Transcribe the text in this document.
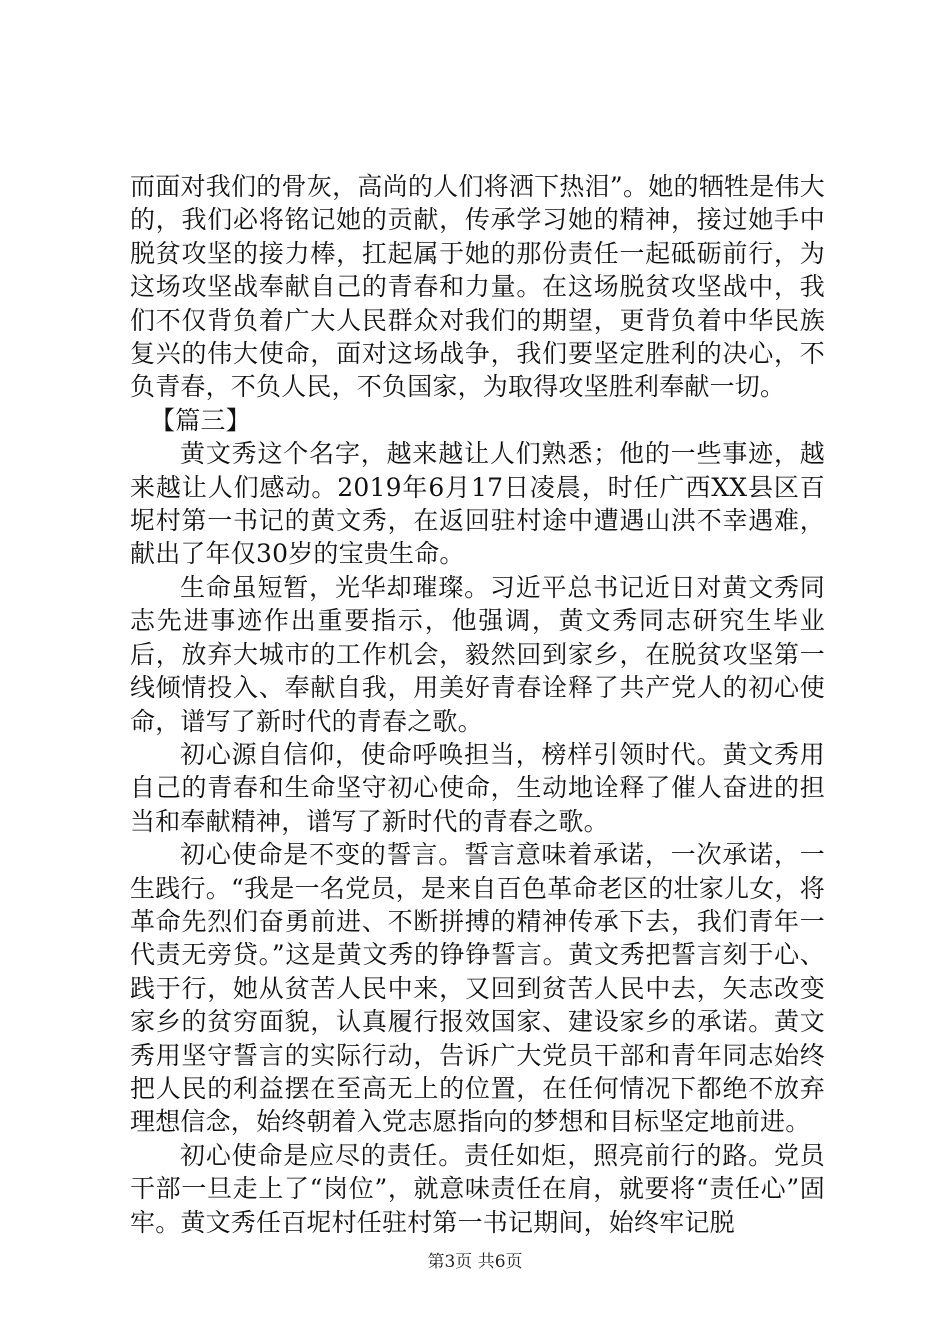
而面对我们的骨灰，高尚的人们将洒下热泪”。她的牺牲是伟大的，我们必将铭记她的贡献，传承学习她的精神，接过她手中脱贫攻坚的接力棒，扛起属于她的那份责任一起砥砺前行，为这场攻坚战奉献自己的青春和力量。在这场脱贫攻坚战中，我们不仅背负着广大人民群众对我们的期望，更背负着中华民族复兴的伟大使命，面对这场战争，我们要坚定胜利的决心，不负青春，不负人民，不负国家，为取得攻坚胜利奉献一切。

【篇三】

黄文秀这个名字，越来越让人们熟悉；他的一些事迹，越来越让人们感动。2019年6月17日凌晨，时任广西XX县区百坭村第一书记的黄文秀，在返回驻村途中遭遇山洪不幸遇难，献出了年仅30岁的宝贵生命。

生命虽短暂，光华却璀璨。习近平总书记近日对黄文秀同志先进事迹作出重要指示，他强调，黄文秀同志研究生毕业后，放弃大城市的工作机会，毅然回到家乡，在脱贫攻坚第一线倾情投入、奉献自我，用美好青春诠释了共产党人的初心使命，谱写了新时代的青春之歌。

初心源自信仰，使命呼唤担当，榜样引领时代。黄文秀用自己的青春和生命坚守初心使命，生动地诠释了催人奋进的担当和奉献精神，谱写了新时代的青春之歌。

初心使命是不变的誓言。誓言意味着承诺，一次承诺，一生践行。“我是一名党员，是来自百色革命老区的壮家儿女，将革命先烈们奋勇前进、不断拼搏的精神传承下去，我们青年一代责无旁贷。”这是黄文秀的铮铮誓言。黄文秀把誓言刻于心、践于行，她从贫苦人民中来，又回到贫苦人民中去，矢志改变家乡的贫穷面貌，认真履行报效国家、建设家乡的承诺。黄文秀用坚守誓言的实际行动，告诉广大党员干部和青年同志始终把人民的利益摆在至高无上的位置，在任何情况下都绝不放弃理想信念，始终朝着入党志愿指向的梦想和目标坚定地前进。

初心使命是应尽的责任。责任如炬，照亮前行的路。党员干部一旦走上了“岗位”，就意味责任在肩，就要将“责任心”固牢。黄文秀任百坭村任驻村第一书记期间，始终牢记脱

第3页 共6页
